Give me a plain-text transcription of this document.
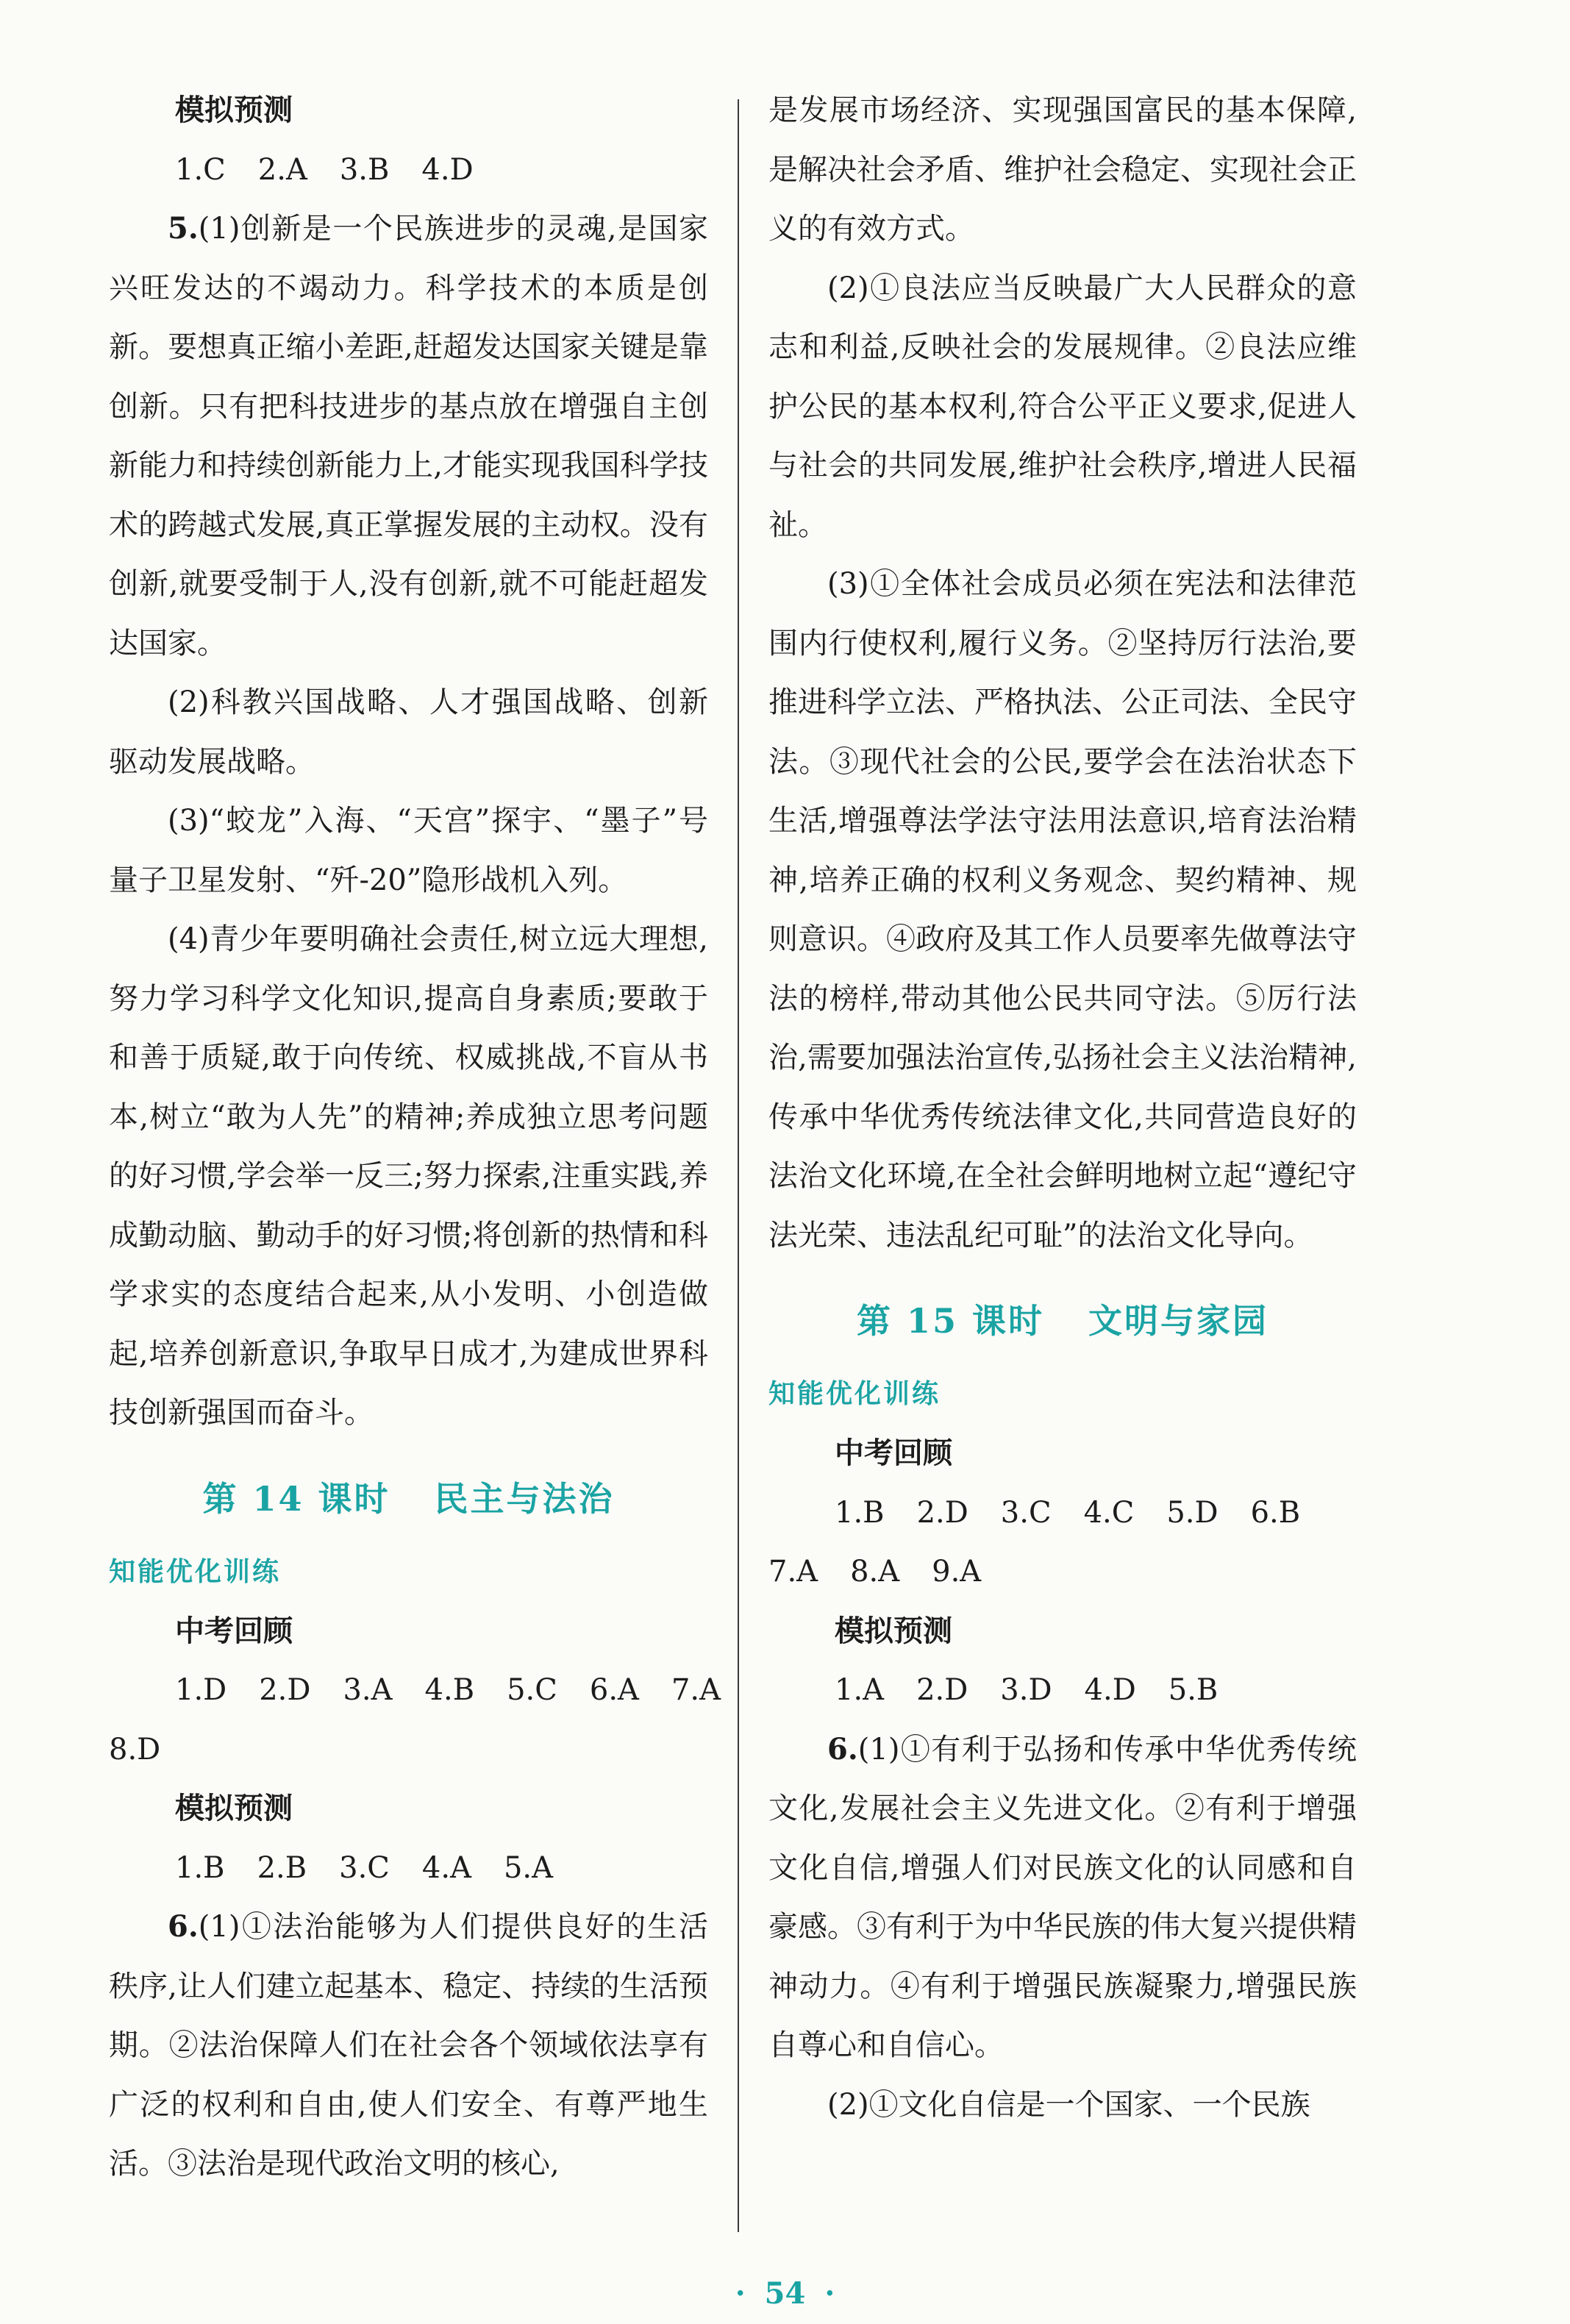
模拟预测
1.C 2.A 3.B 4.D

5.(1)创新是一个民族进步的灵魂,是国家兴旺发达的不竭动力。科学技术的本质是创新。要想真正缩小差距,赶超发达国家关键是靠创新。只有把科技进步的基点放在增强自主创新能力和持续创新能力上,才能实现我国科学技术的跨越式发展,真正掌握发展的主动权。没有创新,就要受制于人,没有创新,就不可能赶超发达国家。

(2)科教兴国战略、人才强国战略、创新驱动发展战略。

(3)“蛟龙”入海、“天宫”探宇、“墨子”号量子卫星发射、“歼-20”隐形战机入列。

(4)青少年要明确社会责任,树立远大理想,努力学习科学文化知识,提高自身素质;要敢于和善于质疑,敢于向传统、权威挑战,不盲从书本,树立“敢为人先”的精神;养成独立思考问题的好习惯,学会举一反三;努力探索,注重实践,养成勤动脑、勤动手的好习惯;将创新的热情和科学求实的态度结合起来,从小发明、小创造做起,培养创新意识,争取早日成才,为建成世界科技创新强国而奋斗。

第 14 课时 民主与法治
知能优化训练
中考回顾
1.D 2.D 3.A 4.B 5.C 6.A 7.A
8.D
模拟预测
1.B 2.B 3.C 4.A 5.A

6.(1)①法治能够为人们提供良好的生活秩序,让人们建立起基本、稳定、持续的生活预期。②法治保障人们在社会各个领域依法享有广泛的权利和自由,使人们安全、有尊严地生活。③法治是现代政治文明的核心,

是发展市场经济、实现强国富民的基本保障,是解决社会矛盾、维护社会稳定、实现社会正义的有效方式。

(2)①良法应当反映最广大人民群众的意志和利益,反映社会的发展规律。②良法应维护公民的基本权利,符合公平正义要求,促进人与社会的共同发展,维护社会秩序,增进人民福祉。

(3)①全体社会成员必须在宪法和法律范围内行使权利,履行义务。②坚持厉行法治,要推进科学立法、严格执法、公正司法、全民守法。③现代社会的公民,要学会在法治状态下生活,增强尊法学法守法用法意识,培育法治精神,培养正确的权利义务观念、契约精神、规则意识。④政府及其工作人员要率先做尊法守法的榜样,带动其他公民共同守法。⑤厉行法治,需要加强法治宣传,弘扬社会主义法治精神,传承中华优秀传统法律文化,共同营造良好的法治文化环境,在全社会鲜明地树立起“遵纪守法光荣、违法乱纪可耻”的法治文化导向。

第 15 课时 文明与家园
知能优化训练
中考回顾
1.B 2.D 3.C 4.C 5.D 6.B
7.A 8.A 9.A
模拟预测
1.A 2.D 3.D 4.D 5.B

6.(1)①有利于弘扬和传承中华优秀传统文化,发展社会主义先进文化。②有利于增强文化自信,增强人们对民族文化的认同感和自豪感。③有利于为中华民族的伟大复兴提供精神动力。④有利于增强民族凝聚力,增强民族自尊心和自信心。

(2)①文化自信是一个国家、一个民族

· 54 ·
